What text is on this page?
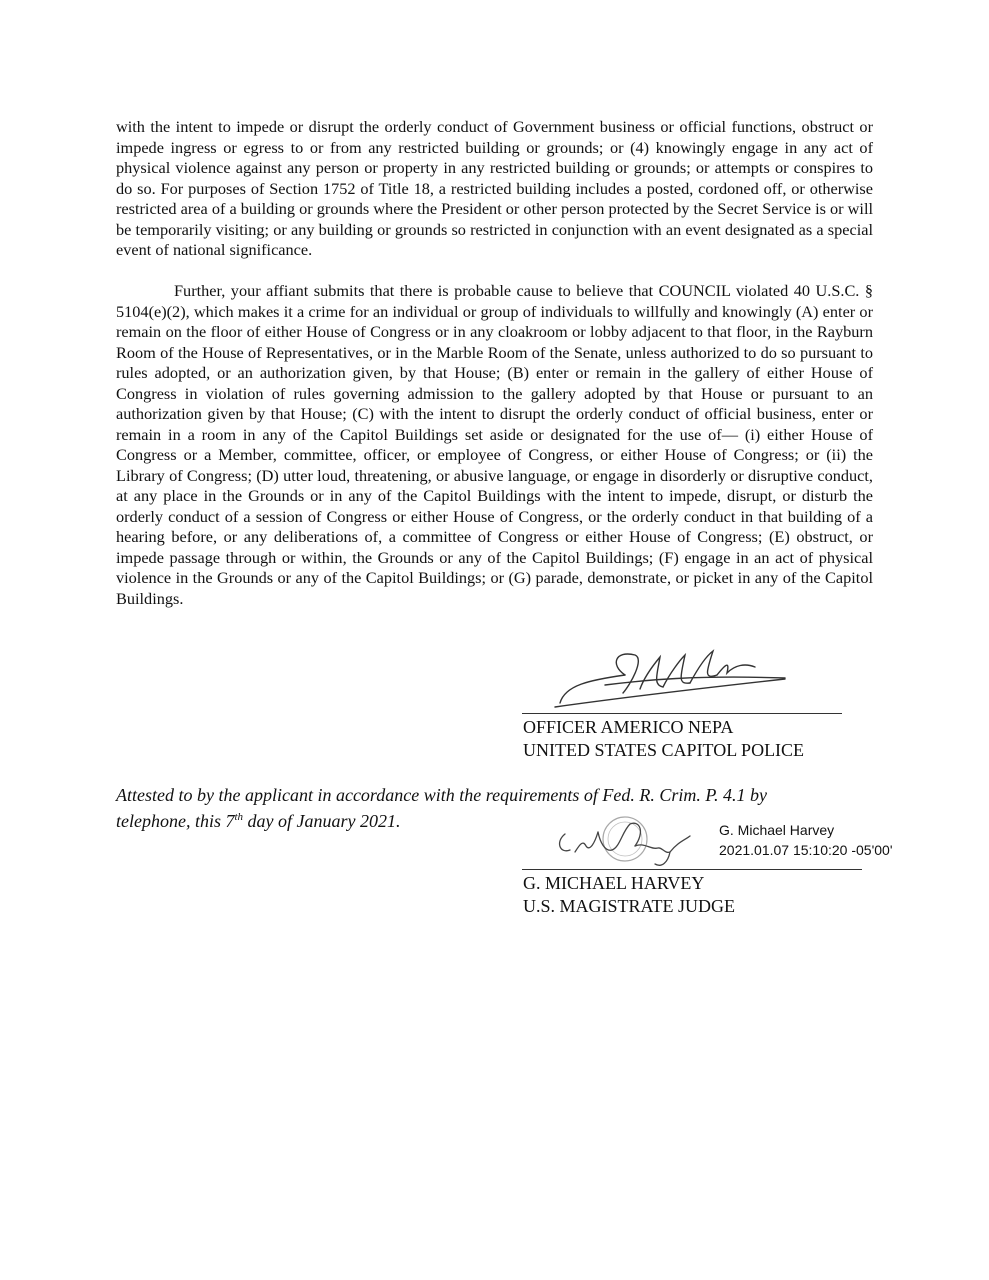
with the intent to impede or disrupt the orderly conduct of Government business or official functions, obstruct or impede ingress or egress to or from any restricted building or grounds; or (4) knowingly engage in any act of physical violence against any person or property in any restricted building or grounds; or attempts or conspires to do so. For purposes of Section 1752 of Title 18, a restricted building includes a posted, cordoned off, or otherwise restricted area of a building or grounds where the President or other person protected by the Secret Service is or will be temporarily visiting; or any building or grounds so restricted in conjunction with an event designated as a special event of national significance.

Further, your affiant submits that there is probable cause to believe that COUNCIL violated 40 U.S.C. § 5104(e)(2), which makes it a crime for an individual or group of individuals to willfully and knowingly (A) enter or remain on the floor of either House of Congress or in any cloakroom or lobby adjacent to that floor, in the Rayburn Room of the House of Representatives, or in the Marble Room of the Senate, unless authorized to do so pursuant to rules adopted, or an authorization given, by that House; (B) enter or remain in the gallery of either House of Congress in violation of rules governing admission to the gallery adopted by that House or pursuant to an authorization given by that House; (C) with the intent to disrupt the orderly conduct of official business, enter or remain in a room in any of the Capitol Buildings set aside or designated for the use of— (i) either House of Congress or a Member, committee, officer, or employee of Congress, or either House of Congress; or (ii) the Library of Congress; (D) utter loud, threatening, or abusive language, or engage in disorderly or disruptive conduct, at any place in the Grounds or in any of the Capitol Buildings with the intent to impede, disrupt, or disturb the orderly conduct of a session of Congress or either House of Congress, or the orderly conduct in that building of a hearing before, or any deliberations of, a committee of Congress or either House of Congress; (E) obstruct, or impede passage through or within, the Grounds or any of the Capitol Buildings; (F) engage in an act of physical violence in the Grounds or any of the Capitol Buildings; or (G) parade, demonstrate, or picket in any of the Capitol Buildings.

OFFICER AMERICO NEPA
UNITED STATES CAPITOL POLICE

Attested to by the applicant in accordance with the requirements of Fed. R. Crim. P. 4.1 by telephone, this 7th day of January 2021.	G. Michael Harvey
2021.01.07 15:10:20 -05'00'
G. MICHAEL HARVEY
U.S. MAGISTRATE JUDGE
